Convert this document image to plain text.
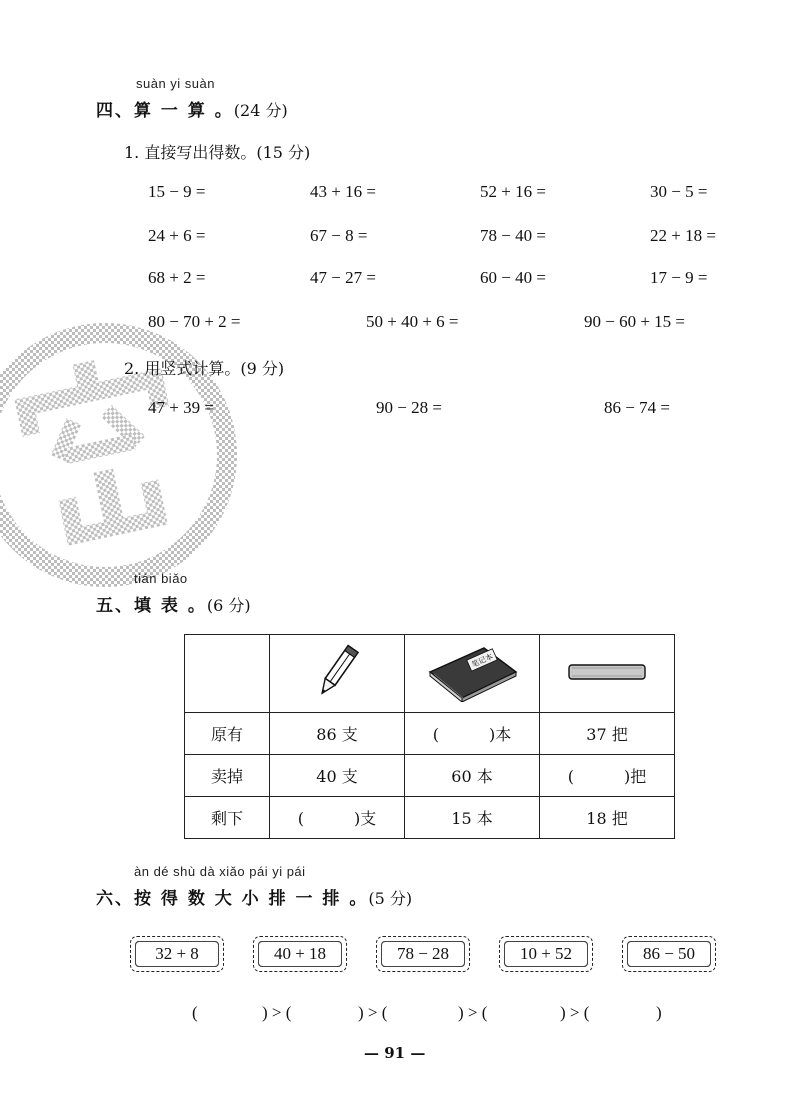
suàn yi suàn
四、算 一 算 。(24 分)
1. 直接写出得数。(15 分)
15 − 9 =	43 + 16 =	52 + 16 =	30 − 5 =
24 + 6 =	67 − 8 =	78 − 40 =	22 + 18 =
68 + 2 =	47 − 27 =	60 − 40 =	17 − 9 =
80 − 70 + 2 =	50 + 40 + 6 =	90 − 60 + 15 =
2. 用竖式计算。(9 分)
47 + 39 =	90 − 28 =	86 − 74 =
tián biǎo
五、填 表 。(6 分)

笔记本

原有	86 支	( )本	37 把
卖掉	40 支	60 本	( )把
剩下	( )支	15 本	18 把
àn dé shù dà xiǎo pái yi pái
六、按 得 数 大 小 排 一 排 。(5 分)
32 + 8	40 + 18	78 − 28	10 + 52	86 − 50
(	) > (	) > (	) > (	) > (	)
— 91 —
